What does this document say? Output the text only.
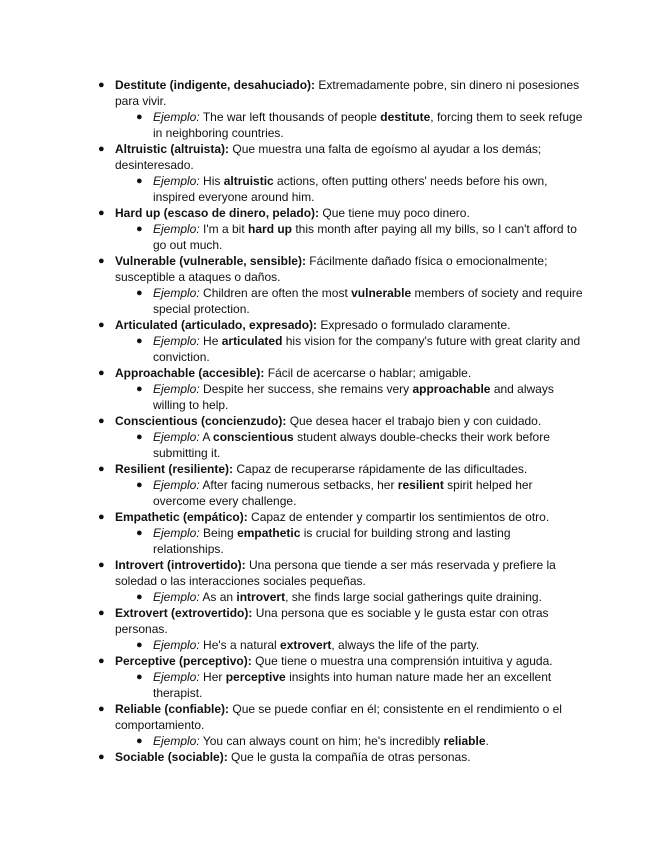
● Destitute (indigente, desahuciado): Extremadamente pobre, sin dinero ni posesiones para vivir.
● Ejemplo: The war left thousands of people destitute, forcing them to seek refuge in neighboring countries.
● Altruistic (altruista): Que muestra una falta de egoísmo al ayudar a los demás; desinteresado.
● Ejemplo: His altruistic actions, often putting others' needs before his own, inspired everyone around him.
● Hard up (escaso de dinero, pelado): Que tiene muy poco dinero.
● Ejemplo: I'm a bit hard up this month after paying all my bills, so I can't afford to go out much.
● Vulnerable (vulnerable, sensible): Fácilmente dañado física o emocionalmente; susceptible a ataques o daños.
● Ejemplo: Children are often the most vulnerable members of society and require special protection.
● Articulated (articulado, expresado): Expresado o formulado claramente.
● Ejemplo: He articulated his vision for the company's future with great clarity and conviction.
● Approachable (accesible): Fácil de acercarse o hablar; amigable.
● Ejemplo: Despite her success, she remains very approachable and always willing to help.
● Conscientious (concienzudo): Que desea hacer el trabajo bien y con cuidado.
● Ejemplo: A conscientious student always double-checks their work before submitting it.
● Resilient (resiliente): Capaz de recuperarse rápidamente de las dificultades.
● Ejemplo: After facing numerous setbacks, her resilient spirit helped her overcome every challenge.
● Empathetic (empático): Capaz de entender y compartir los sentimientos de otro.
● Ejemplo: Being empathetic is crucial for building strong and lasting relationships.
● Introvert (introvertido): Una persona que tiende a ser más reservada y prefiere la soledad o las interacciones sociales pequeñas.
● Ejemplo: As an introvert, she finds large social gatherings quite draining.
● Extrovert (extrovertido): Una persona que es sociable y le gusta estar con otras personas.
● Ejemplo: He's a natural extrovert, always the life of the party.
● Perceptive (perceptivo): Que tiene o muestra una comprensión intuitiva y aguda.
● Ejemplo: Her perceptive insights into human nature made her an excellent therapist.
● Reliable (confiable): Que se puede confiar en él; consistente en el rendimiento o el comportamiento.
● Ejemplo: You can always count on him; he's incredibly reliable.
● Sociable (sociable): Que le gusta la compañía de otras personas.
